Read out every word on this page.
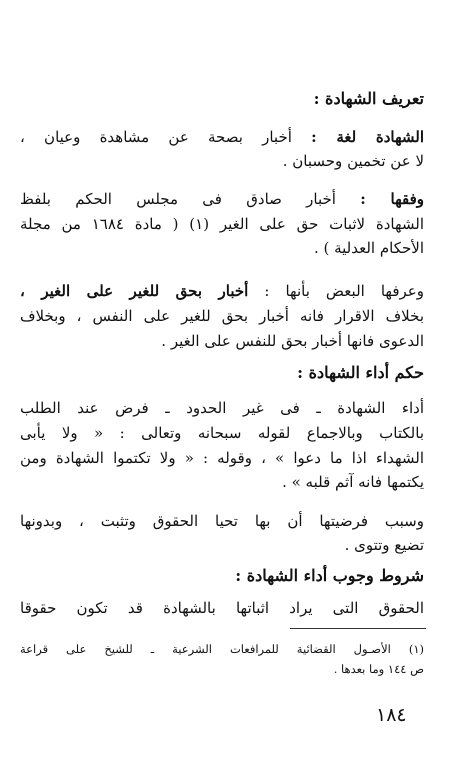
تعريف الشهادة :
الشهادة لغة : أخبار بصحة عن مشاهدة وعيان ،
لا عن تخمين وحسبان .
وفقها : أخبار صادق فى مجلس الحكم بلفظ
الشهادة لاثبات حق على الغير (١) ( مادة ١٦٨٤ من مجلة
الأحكام العدلية ) .
وعرفها البعض بأنها : أخبار بحق للغير على الغير ،
بخلاف الاقرار فانه أخبار بحق للغير على النفس ، وبخلاف
الدعوى فانها أخبار بحق للنفس على الغير .
حكم أداء الشهادة :
أداء الشهادة ـ فى غير الحدود ـ فرض عند الطلب
بالكتاب وبالاجماع لقوله سبحانه وتعالى : « ولا يأبى
الشهداء اذا ما دعوا » ، وقوله : « ولا تكتموا الشهادة ومن
يكتمها فانه آثم قلبه » .
وسبب فرضيتها أن بها تحيا الحقوق وتثبت ، وبدونها
تضيع وتتوى .
شروط وجوب أداء الشهادة :
الحقوق التى يراد اثباتها بالشهادة قد تكون حقوقا
(١) الأصـول القضائية للمرافعات الشرعية ـ للشيخ على قراعة
ص ١٤٤ وما بعدها .
١٨٤
